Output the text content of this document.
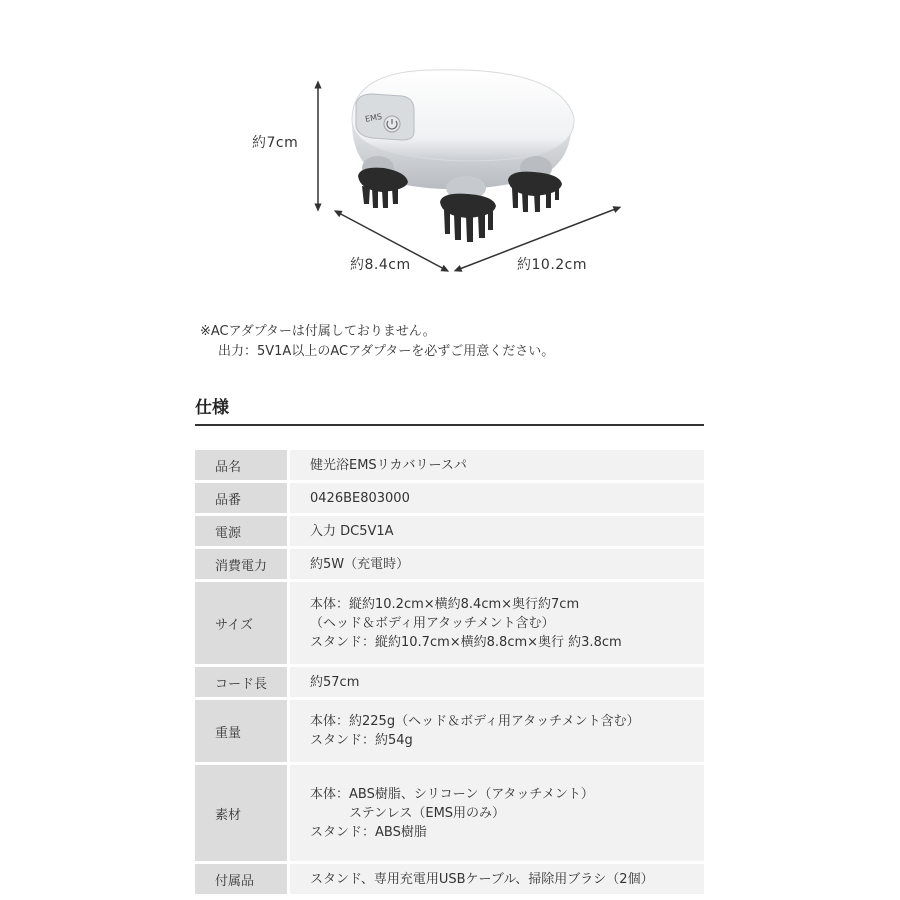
EMS
約7cm
約8.4cm	約10.2cm
※ACアダプターは付属しておりません。
出力：5V1A以上のACアダプターを必ずご用意ください。
仕様
品名		健光浴EMSリカバリースパ

品番		0426BE803000

電源		入力 DC5V1A

消費電力		約5W（充電時）

サイズ		本体：縦約10.2cm×横約8.4cm×奥行約7cm
（ヘッド＆ボディ用アタッチメント含む）
スタンド：縦約10.7cm×横約8.8cm×奥行 約3.8cm

コード長		約57cm

重量		本体：約225g（ヘッド＆ボディ用アタッチメント含む）
スタンド：約54g

素材		本体：ABS樹脂、シリコーン（アタッチメント）
　　　ステンレス（EMS用のみ）
スタンド：ABS樹脂

付属品		スタンド、専用充電用USBケーブル、掃除用ブラシ（2個）
